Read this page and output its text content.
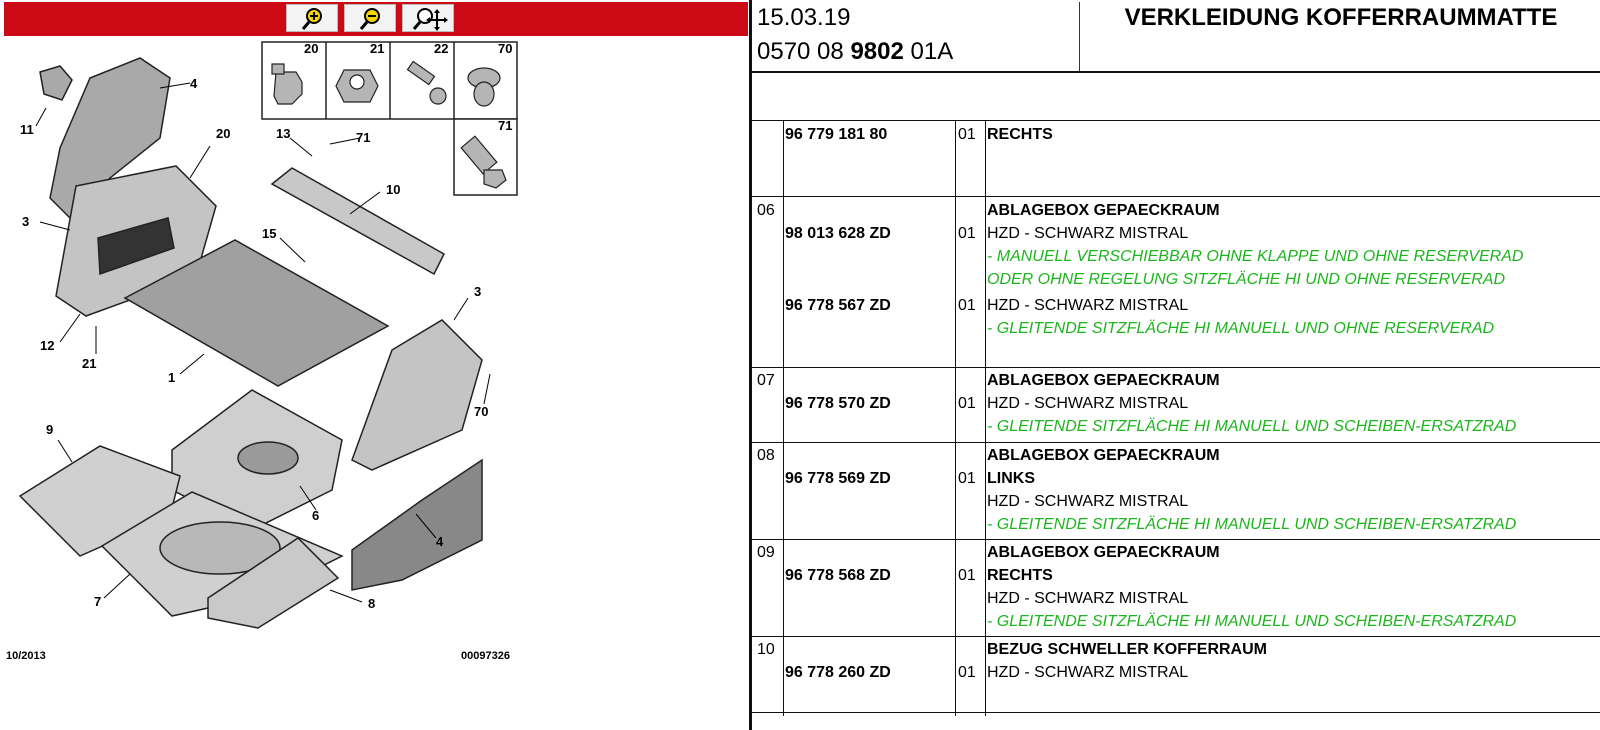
20	21	22	70
71
4
11	20	13	71
10
3
15
3
12
21
1
70
9
6
7	8
4
10/2013	00097326
15.03.19
0570 08 9802 01A
VERKLEIDUNG KOFFERRAUMMATTE
96 779 181 80	01 RECHTS
06	ABLAGEBOX GEPAECKRAUM
98 013 628 ZD	01 HZD - SCHWARZ MISTRAL
- MANUELL VERSCHIEBBAR OHNE KLAPPE UND OHNE RESERVERAD
ODER OHNE REGELUNG SITZFLÄCHE HI UND OHNE RESERVERAD
96 778 567 ZD	01 HZD - SCHWARZ MISTRAL
- GLEITENDE SITZFLÄCHE HI MANUELL UND OHNE RESERVERAD
07	ABLAGEBOX GEPAECKRAUM
96 778 570 ZD	01 HZD - SCHWARZ MISTRAL
- GLEITENDE SITZFLÄCHE HI MANUELL UND SCHEIBEN-ERSATZRAD
08	ABLAGEBOX GEPAECKRAUM
96 778 569 ZD	01 LINKS
HZD - SCHWARZ MISTRAL
- GLEITENDE SITZFLÄCHE HI MANUELL UND SCHEIBEN-ERSATZRAD
09	ABLAGEBOX GEPAECKRAUM
96 778 568 ZD	01 RECHTS
HZD - SCHWARZ MISTRAL
- GLEITENDE SITZFLÄCHE HI MANUELL UND SCHEIBEN-ERSATZRAD
10	BEZUG SCHWELLER KOFFERRAUM
96 778 260 ZD	01 HZD - SCHWARZ MISTRAL
